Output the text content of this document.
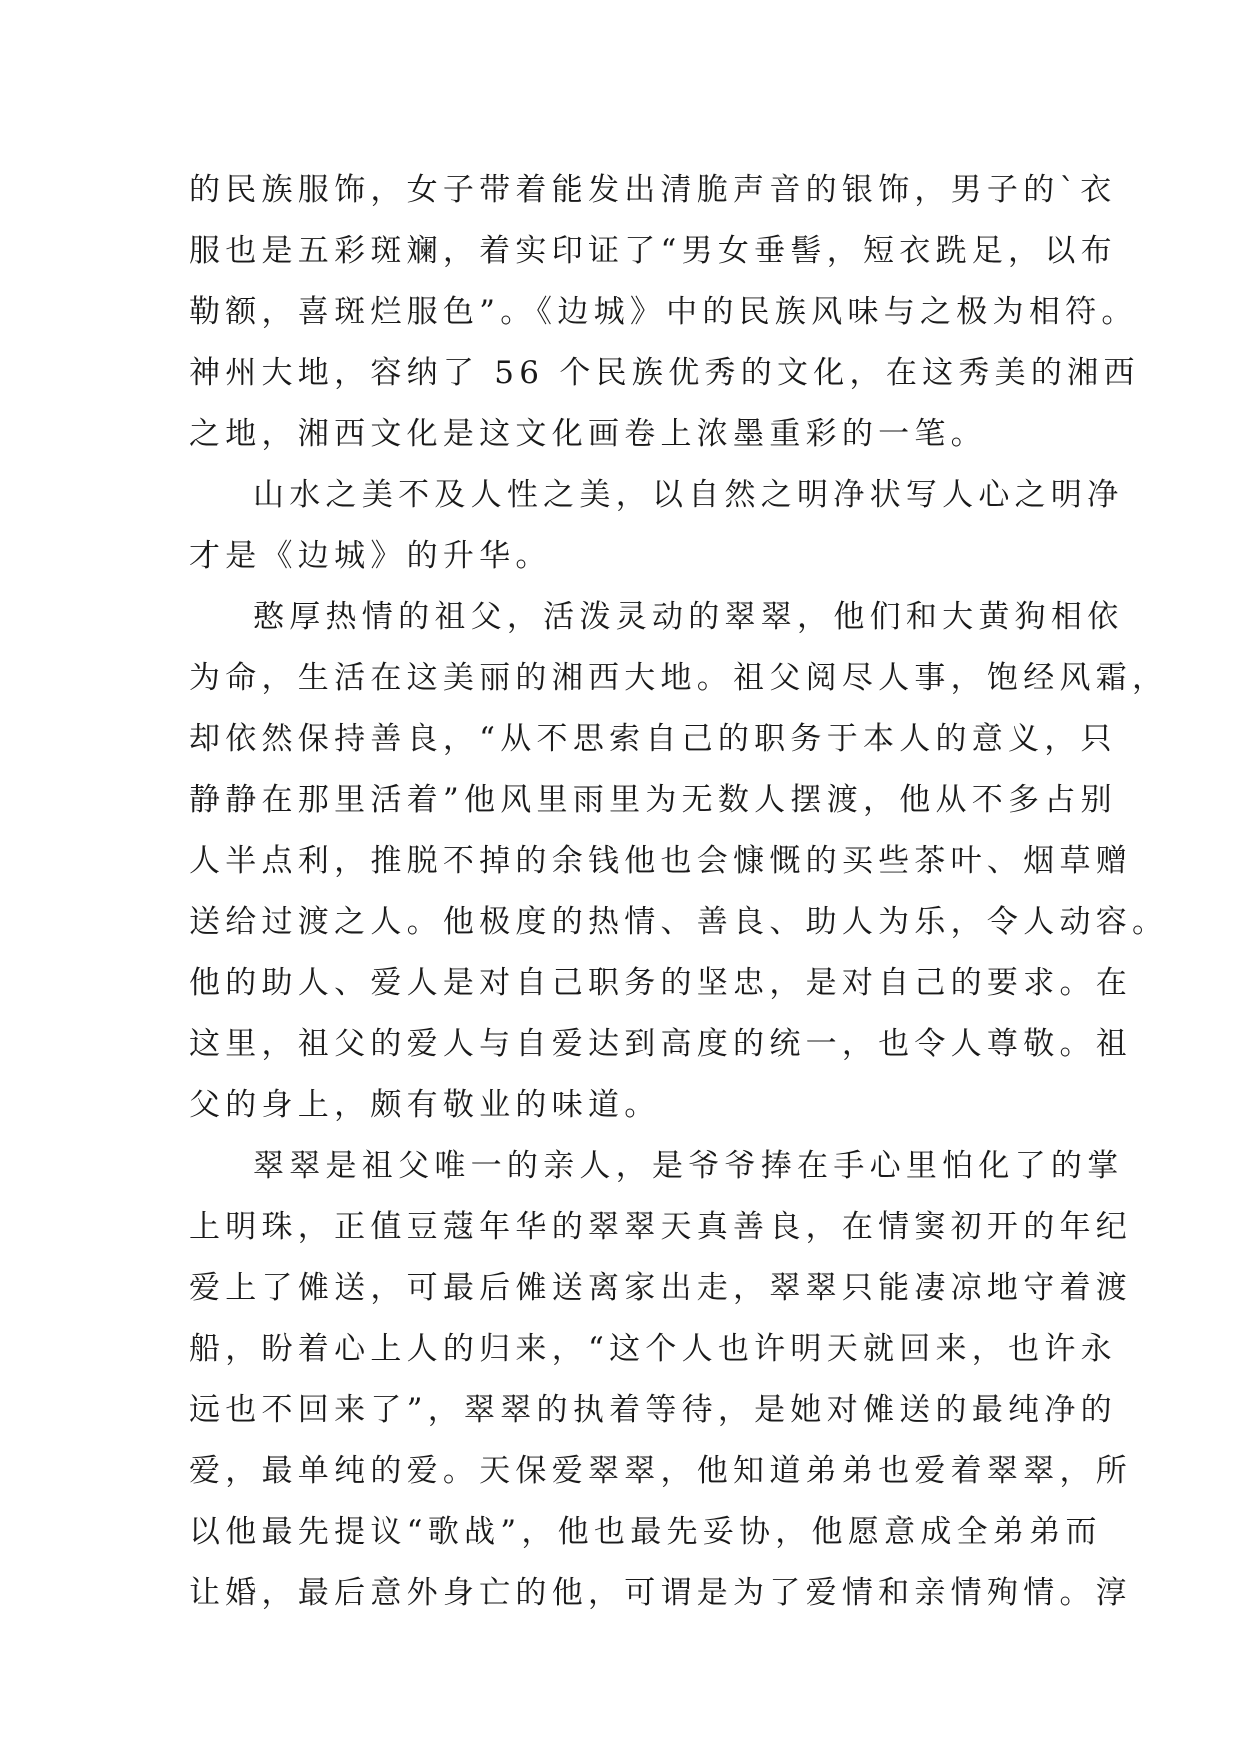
的民族服饰，女子带着能发出清脆声音的银饰，男子的`衣
服也是五彩斑斓，着实印证了“男女垂髻，短衣跣足，以布
勒额，喜斑烂服色”。《边城》中的民族风味与之极为相符。
神州大地，容纳了 56 个民族优秀的文化，在这秀美的湘西
之地，湘西文化是这文化画卷上浓墨重彩的一笔。
山水之美不及人性之美，以自然之明净状写人心之明净
才是《边城》的升华。
憨厚热情的祖父，活泼灵动的翠翠，他们和大黄狗相依
为命，生活在这美丽的湘西大地。祖父阅尽人事，饱经风霜，
却依然保持善良，“从不思索自己的职务于本人的意义，只
静静在那里活着”他风里雨里为无数人摆渡，他从不多占别
人半点利，推脱不掉的余钱他也会慷慨的买些茶叶、烟草赠
送给过渡之人。他极度的热情、善良、助人为乐，令人动容。
他的助人、爱人是对自己职务的坚忠，是对自己的要求。在
这里，祖父的爱人与自爱达到高度的统一，也令人尊敬。祖
父的身上，颇有敬业的味道。
翠翠是祖父唯一的亲人，是爷爷捧在手心里怕化了的掌
上明珠，正值豆蔻年华的翠翠天真善良，在情窦初开的年纪
爱上了傩送，可最后傩送离家出走，翠翠只能凄凉地守着渡
船，盼着心上人的归来，“这个人也许明天就回来，也许永
远也不回来了”，翠翠的执着等待，是她对傩送的最纯净的
爱，最单纯的爱。天保爱翠翠，他知道弟弟也爱着翠翠，所
以他最先提议“歌战”，他也最先妥协，他愿意成全弟弟而
让婚，最后意外身亡的他，可谓是为了爱情和亲情殉情。淳
